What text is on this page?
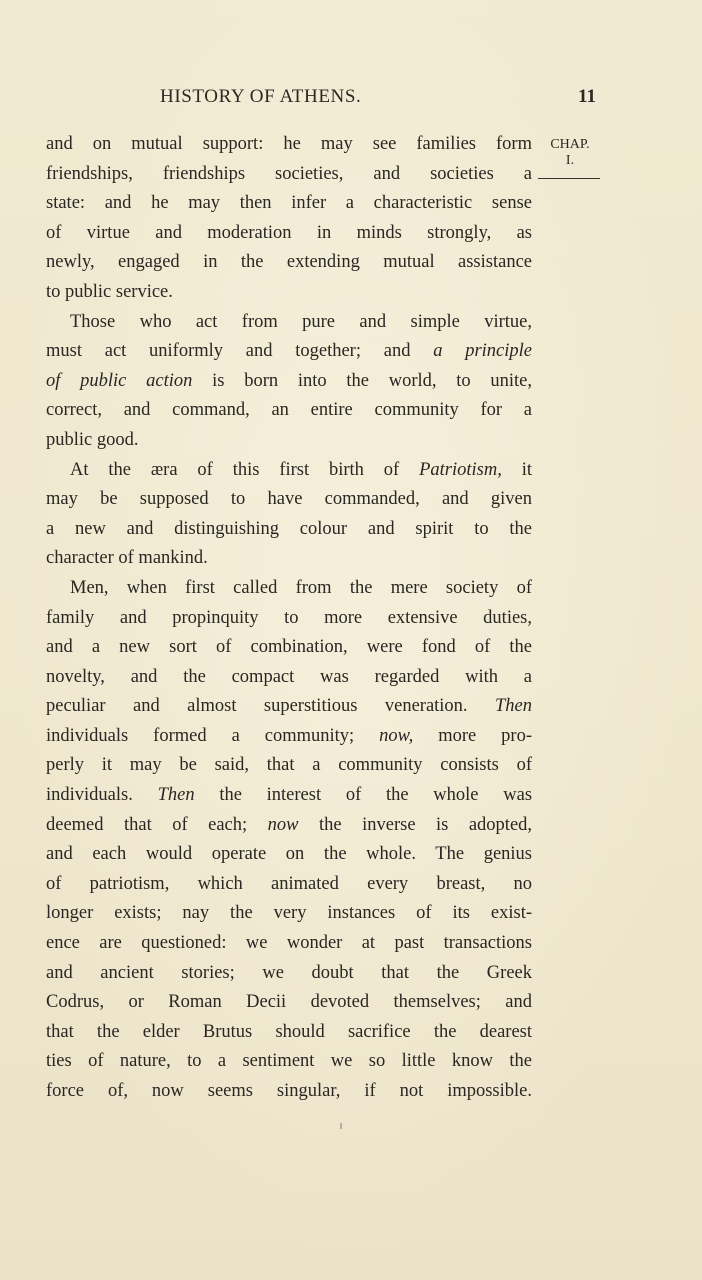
HISTORY OF ATHENS.	11
CHAP.
I.
and on mutual support: he may see families form
friendships, friendships societies, and societies a
state: and he may then infer a characteristic sense
of virtue and moderation in minds strongly, as
newly, engaged in the extending mutual assistance
to public service.
Those who act from pure and simple virtue,
must act uniformly and together; and a principle
of public action is born into the world, to unite,
correct, and command, an entire community for a
public good.
At the æra of this first birth of Patriotism, it
may be supposed to have commanded, and given
a new and distinguishing colour and spirit to the
character of mankind.
Men, when first called from the mere society of
family and propinquity to more extensive duties,
and a new sort of combination, were fond of the
novelty, and the compact was regarded with a
peculiar and almost superstitious veneration. Then
individuals formed a community; now, more pro-
perly it may be said, that a community consists of
individuals. Then the interest of the whole was
deemed that of each; now the inverse is adopted,
and each would operate on the whole. The genius
of patriotism, which animated every breast, no
longer exists; nay the very instances of its exist-
ence are questioned: we wonder at past transactions
and ancient stories; we doubt that the Greek
Codrus, or Roman Decii devoted themselves; and
that the elder Brutus should sacrifice the dearest
ties of nature, to a sentiment we so little know the
force of, now seems singular, if not impossible.
